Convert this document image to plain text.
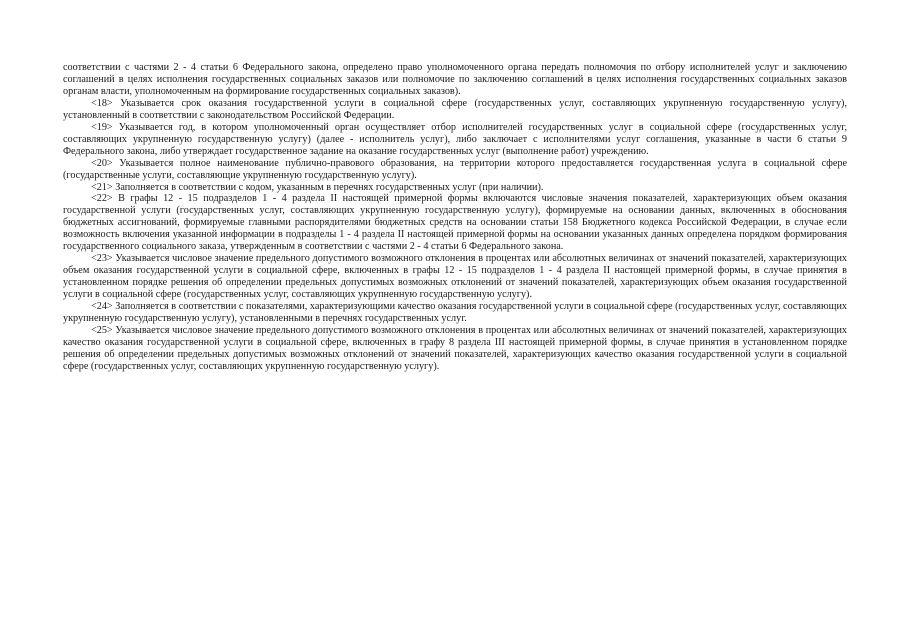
соответствии с частями 2 - 4 статьи 6 Федерального закона, определено право уполномоченного органа передать полномочия по отбору исполнителей услуг и заключению соглашений в целях исполнения государственных социальных заказов или полномочие по заключению соглашений в целях исполнения государственных социальных заказов органам власти, уполномоченным на формирование государственных социальных заказов).

<18> Указывается срок оказания государственной услуги в социальной сфере (государственных услуг, составляющих укрупненную государственную услугу), установленный в соответствии с законодательством Российской Федерации.

<19> Указывается год, в котором уполномоченный орган осуществляет отбор исполнителей государственных услуг в социальной сфере (государственных услуг, составляющих укрупненную государственную услугу) (далее - исполнитель услуг), либо заключает с исполнителями услуг соглашения, указанные в части 6 статьи 9 Федерального закона, либо утверждает государственное задание на оказание государственных услуг (выполнение работ) учреждению.

<20> Указывается полное наименование публично-правового образования, на территории которого предоставляется государственная услуга в социальной сфере (государственные услуги, составляющие укрупненную государственную услугу).

<21> Заполняется в соответствии с кодом, указанным в перечнях государственных услуг (при наличии).

<22> В графы 12 - 15 подразделов 1 - 4 раздела II настоящей примерной формы включаются числовые значения показателей, характеризующих объем оказания государственной услуги (государственных услуг, составляющих укрупненную государственную услугу), формируемые на основании данных, включенных в обоснования бюджетных ассигнований, формируемые главными распорядителями бюджетных средств на основании статьи 158 Бюджетного кодекса Российской Федерации, в случае если возможность включения указанной информации в подразделы 1 - 4 раздела II настоящей примерной формы на основании указанных данных определена порядком формирования государственного социального заказа, утвержденным в соответствии с частями 2 - 4 статьи 6 Федерального закона.

<23> Указывается числовое значение предельного допустимого возможного отклонения в процентах или абсолютных величинах от значений показателей, характеризующих объем оказания государственной услуги в социальной сфере, включенных в графы 12 - 15 подразделов 1 - 4 раздела II настоящей примерной формы, в случае принятия в установленном порядке решения об определении предельных допустимых возможных отклонений от значений показателей, характеризующих объем оказания государственной услуги в социальной сфере (государственных услуг, составляющих укрупненную государственную услугу).

<24> Заполняется в соответствии с показателями, характеризующими качество оказания государственной услуги в социальной сфере (государственных услуг, составляющих укрупненную государственную услугу), установленными в перечнях государственных услуг.

<25> Указывается числовое значение предельного допустимого возможного отклонения в процентах или абсолютных величинах от значений показателей, характеризующих качество оказания государственной услуги в социальной сфере, включенных в графу 8 раздела III настоящей примерной формы, в случае принятия в установленном порядке решения об определении предельных допустимых возможных отклонений от значений показателей, характеризующих качество оказания государственной услуги в социальной сфере (государственных услуг, составляющих укрупненную государственную услугу).
